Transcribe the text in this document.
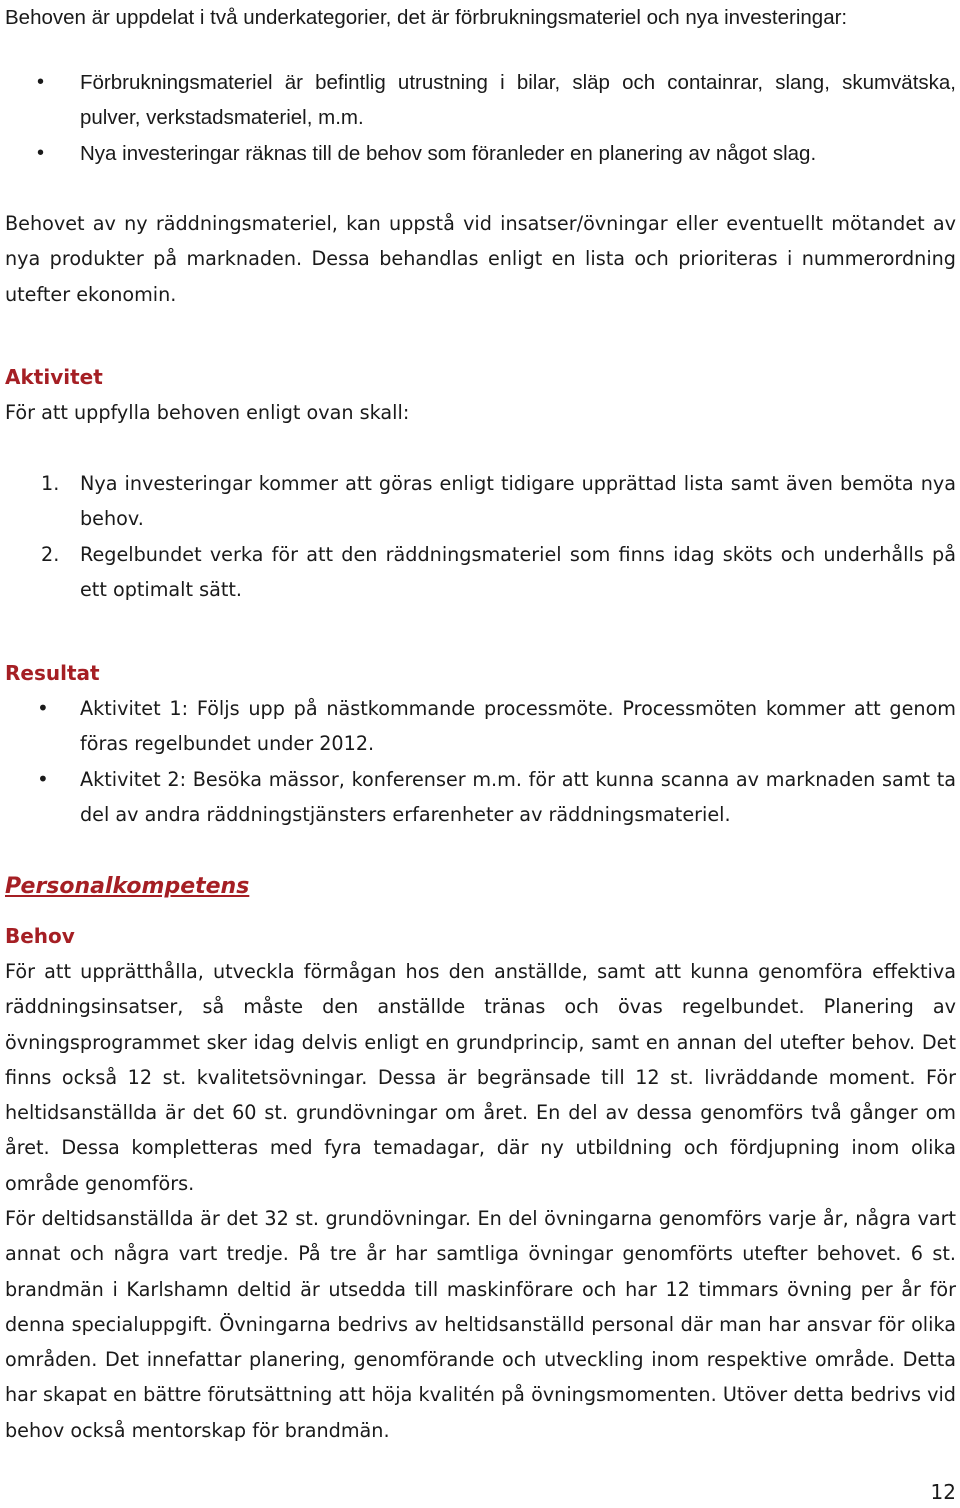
Behoven är uppdelat i två underkategorier, det är förbrukningsmateriel och nya investeringar:
• Förbrukningsmateriel är befintlig utrustning i bilar, släp och containrar, slang, skumvätska, pulver, verkstadsmateriel, m.m.
• Nya investeringar räknas till de behov som föranleder en planering av något slag.
Behovet av ny räddningsmateriel, kan uppstå vid insatser/övningar eller eventuellt mötandet av nya produkter på marknaden. Dessa behandlas enligt en lista och prioriteras i nummerordning utefter ekonomin.
Aktivitet
För att uppfylla behoven enligt ovan skall:
1. Nya investeringar kommer att göras enligt tidigare upprättad lista samt även bemöta nya behov.
2. Regelbundet verka för att den räddningsmateriel som finns idag sköts och underhålls på ett optimalt sätt.
Resultat
• Aktivitet 1: Följs upp på nästkommande processmöte. Processmöten kommer att genom föras regelbundet under 2012.
• Aktivitet 2: Besöka mässor, konferenser m.m. för att kunna scanna av marknaden samt ta del av andra räddningstjänsters erfarenheter av räddningsmateriel.
Personalkompetens
Behov
För att upprätthålla, utveckla förmågan hos den anställde, samt att kunna genomföra effektiva räddningsinsatser, så måste den anställde tränas och övas regelbundet. Planering av övningsprogrammet sker idag delvis enligt en grundprincip, samt en annan del utefter behov. Det finns också 12 st. kvalitetsövningar. Dessa är begränsade till 12 st. livräddande moment. För heltidsanställda är det 60 st. grundövningar om året. En del av dessa genomförs två gånger om året. Dessa kompletteras med fyra temadagar, där ny utbildning och fördjupning inom olika område genomförs.
För deltidsanställda är det 32 st. grundövningar. En del övningarna genomförs varje år, några vart annat och några vart tredje. På tre år har samtliga övningar genomförts utefter behovet. 6 st. brandmän i Karlshamn deltid är utsedda till maskinförare och har 12 timmars övning per år för denna specialuppgift. Övningarna bedrivs av heltidsanställd personal där man har ansvar för olika områden. Det innefattar planering, genomförande och utveckling inom respektive område. Detta har skapat en bättre förutsättning att höja kvalitén på övningsmomenten. Utöver detta bedrivs vid behov också mentorskap för brandmän.
12
